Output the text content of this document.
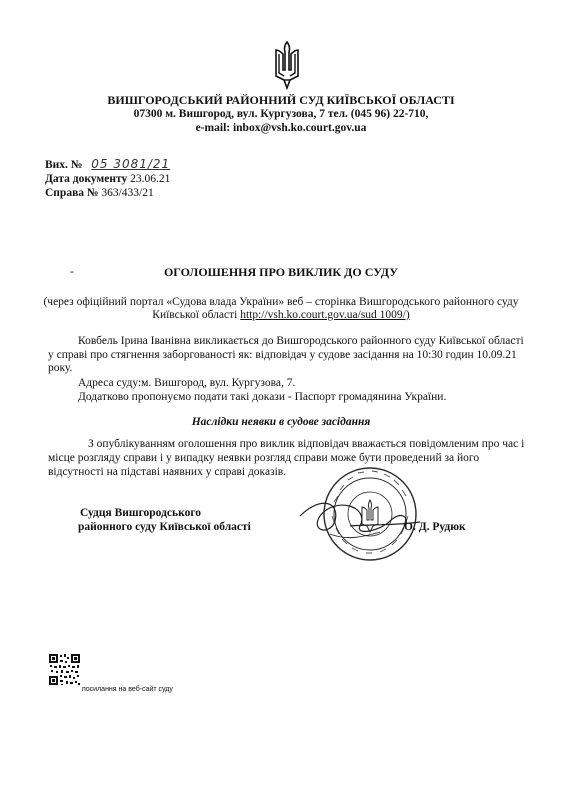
ВИШГОРОДСЬКИЙ РАЙОННИЙ СУД КИЇВСЬКОЇ ОБЛАСТІ
07300 м. Вишгород, вул. Кургузова, 7 тел. (045 96) 22-710,
e-mail: inbox@vsh.ko.court.gov.ua
Вих. № 05 3081/21
Дата документу 23.06.21
Справа № 363/433/21
-	ОГОЛОШЕННЯ ПРО ВИКЛИК ДО СУДУ
(через офіційний портал «Судова влада України» веб – сторінка Вишгородського районного суду
Київської області http://vsh.ko.court.gov.ua/sud 1009/)
Ковбель Ірина Іванівна викликається до Вишгородського районного суду Київської області
у справі про стягнення заборгованості як: відповідач у судове засідання на 10:30 годин 10.09.21
року.
Адреса суду:м. Вишгород, вул. Кургузова, 7.
Додатково пропонуємо подати такі докази - Паспорт громадянина України.
Наслідки неявки в судове засідання
З опублікуванням оголошення про виклик відповідач вважається повідомленим про час і
місце розгляду справи і у випадку неявки розгляд справи може бути проведений за його
відсутності на підставі наявних у справі доказів.
Судця Вишгородського
районного суду Київської області	О. Д. Рудюк
посилання на веб-сайт суду
